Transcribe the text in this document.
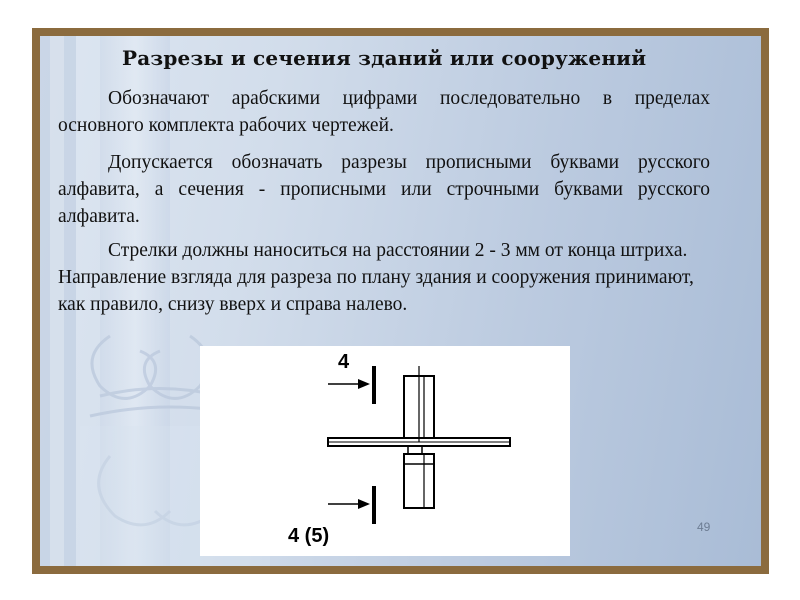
Разрезы и сечения зданий или сооружений

Обозначают арабскими цифрами последовательно в пределах основного комплекта рабочих чертежей.

Допускается обозначать разрезы прописными буквами русского алфавита, а сечения - прописными или строчными буквами русского алфавита.

Стрелки должны наноситься на расстоянии 2 - 3 мм от конца штриха. Направление взгляда для разреза по плану здания и сооружения принимают, как правило, снизу вверх и справа налево.

4
4 (5)	49
